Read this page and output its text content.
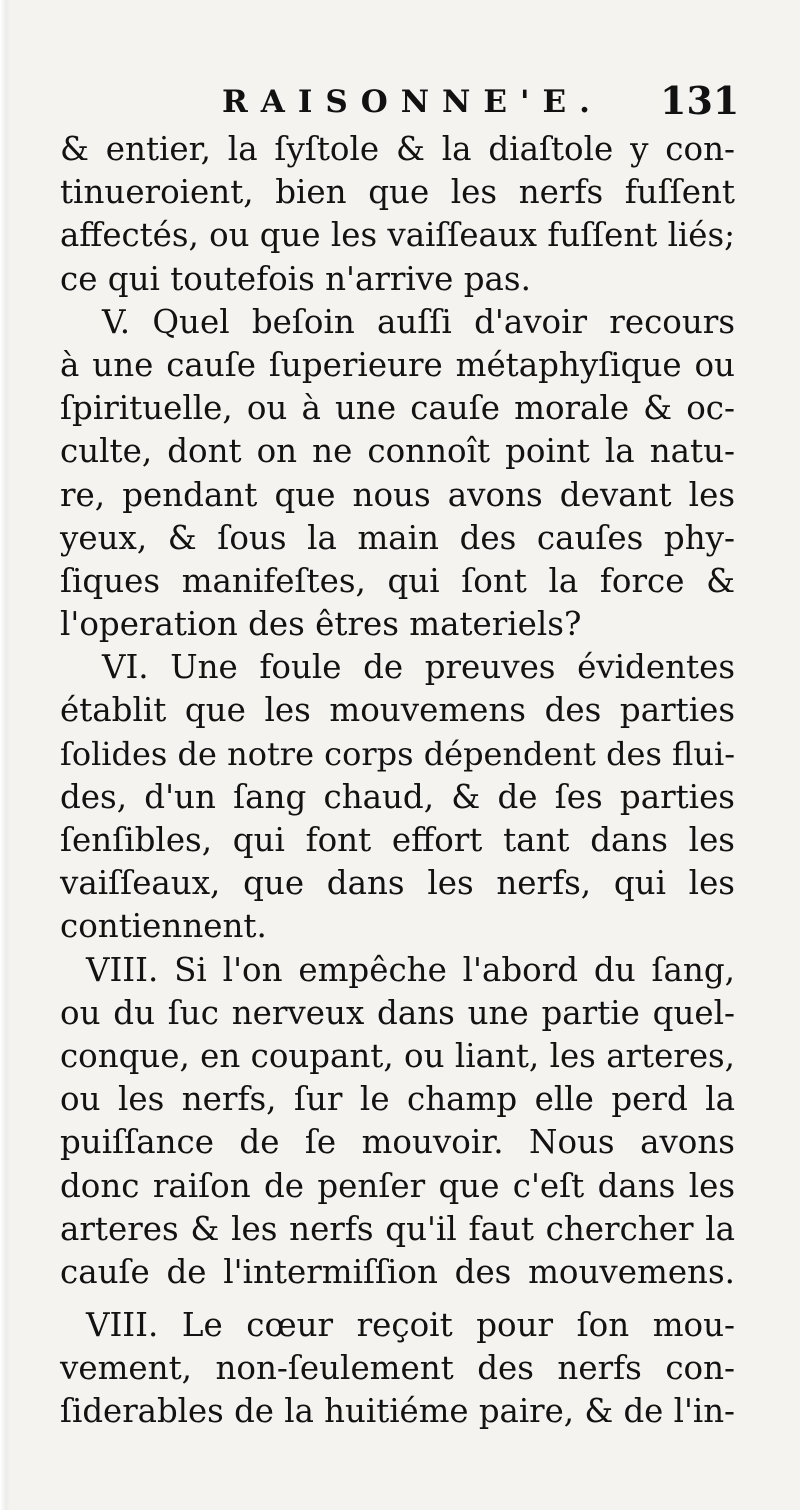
RAISONNE'E. 131
& entier, la ſyſtole & la diaſtole y con-
tinueroient, bien que les nerfs fuſſent
affectés, ou que les vaiſſeaux fuſſent liés;
ce qui toutefois n'arrive pas.
V. Quel beſoin auſſi d'avoir recours
à une cauſe ſuperieure métaphyſique ou
ſpirituelle, ou à une cauſe morale & oc-
culte, dont on ne connoît point la natu-
re, pendant que nous avons devant les
yeux, & ſous la main des cauſes phy-
ſiques manifeſtes, qui ſont la force &
l'operation des êtres materiels?
VI. Une foule de preuves évidentes
établit que les mouvemens des parties
ſolides de notre corps dépendent des flui-
des, d'un ſang chaud, & de ſes parties
ſenſibles, qui font effort tant dans les
vaiſſeaux, que dans les nerfs, qui les
contiennent.
VIII. Si l'on empêche l'abord du ſang,
ou du ſuc nerveux dans une partie quel-
conque, en coupant, ou liant, les arteres,
ou les nerfs, ſur le champ elle perd la
puiſſance de ſe mouvoir. Nous avons
donc raiſon de penſer que c'eſt dans les
arteres & les nerfs qu'il faut chercher la
cauſe de l'intermiſſion des mouvemens.
VIII. Le cœur reçoit pour ſon mou-
vement, non-ſeulement des nerfs con-
ſiderables de la huitiéme paire, & de l'in-
